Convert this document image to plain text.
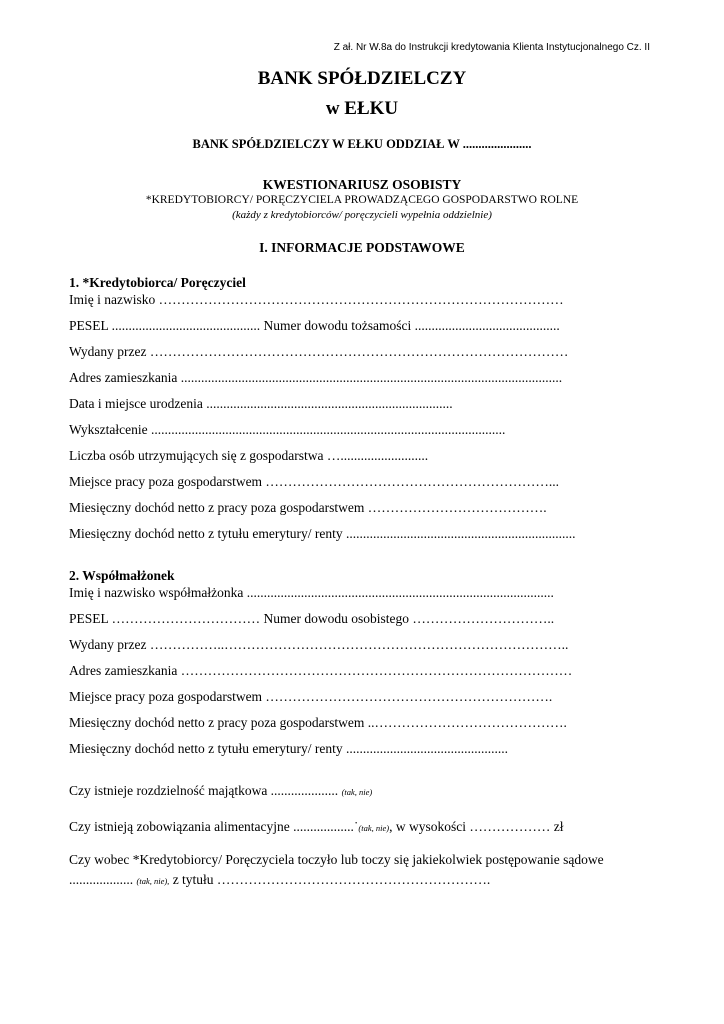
Z ał. Nr W.8a do Instrukcji kredytowania Klienta Instytucjonalnego Cz. II
BANK SPÓŁDZIELCZY
w EŁKU
BANK SPÓŁDZIELCZY W EŁKU ODDZIAŁ W ......................
KWESTIONARIUSZ OSOBISTY
*KREDYTOBIORCY/ PORĘCZYCIELA PROWADZĄCEGO GOSPODARSTWO ROLNE
(każdy z kredytobiorców/ poręczycieli wypełnia oddzielnie)
I. INFORMACJE PODSTAWOWE
1. *Kredytobiorca/ Poręczyciel
Imię i nazwisko ………………………………………………………………………………
PESEL ............................................ Numer dowodu tożsamości ...........................................
Wydany przez …………………………………………………………………………………
Adres zamieszkania .................................................................................................................
Data i miejsce urodzenia .........................................................................
Wykształcenie .........................................................................................................
Liczba osób utrzymujących się z gospodarstwa …..........................
Miejsce pracy poza gospodarstwem ………………………………………………………...
Miesięczny dochód netto z pracy poza gospodarstwem ………………………………….
Miesięczny dochód netto z tytułu emerytury/ renty ....................................................................
2. Współmałżonek
Imię i nazwisko współmałżonka ...........................................................................................
PESEL …………………………… Numer dowodu osobistego …………………………..
Wydany przez ……………..…………………………………………………………………..
Adres zamieszkania ……………………………………………………………………………
Miejsce pracy poza gospodarstwem ……………………………………………………….
Miesięczny dochód netto z pracy poza gospodarstwem ..…………………………………….
Miesięczny dochód netto z tytułu emerytury/ renty ................................................
Czy istnieje rozdzielność majątkowa .................... (tak, nie)
Czy istnieją zobowiązania alimentacyjne ..................˙(tak, nie), w wysokości ……………… zł
Czy wobec *Kredytobiorcy/ Poręczyciela toczyło lub toczy się jakiekolwiek postępowanie sądowe
................... (tak, nie), z tytułu …………………………………………………….
